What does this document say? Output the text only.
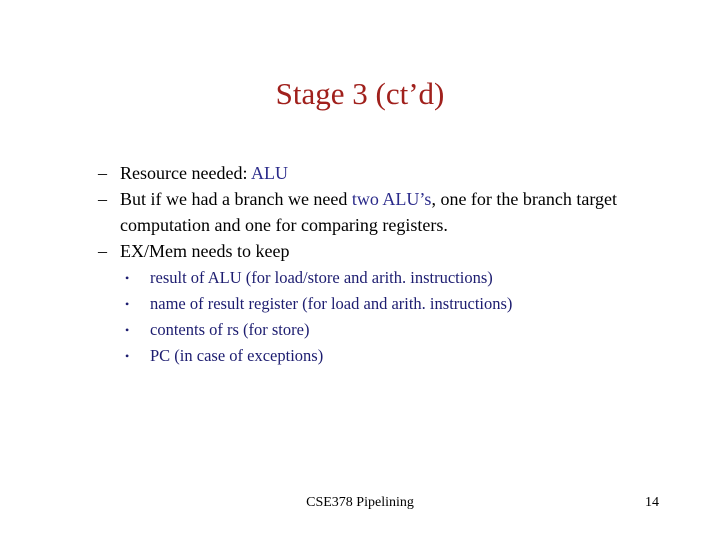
Stage 3 (ct’d)
– Resource needed: ALU
– But if we had a branch we need two ALU’s, one for the branch target computation and one for comparing registers.
– EX/Mem needs to keep
• result of ALU (for load/store and arith. instructions)
• name of result register (for load and arith. instructions)
• contents of rs (for store)
• PC (in case of exceptions)
CSE378 Pipelining	14
